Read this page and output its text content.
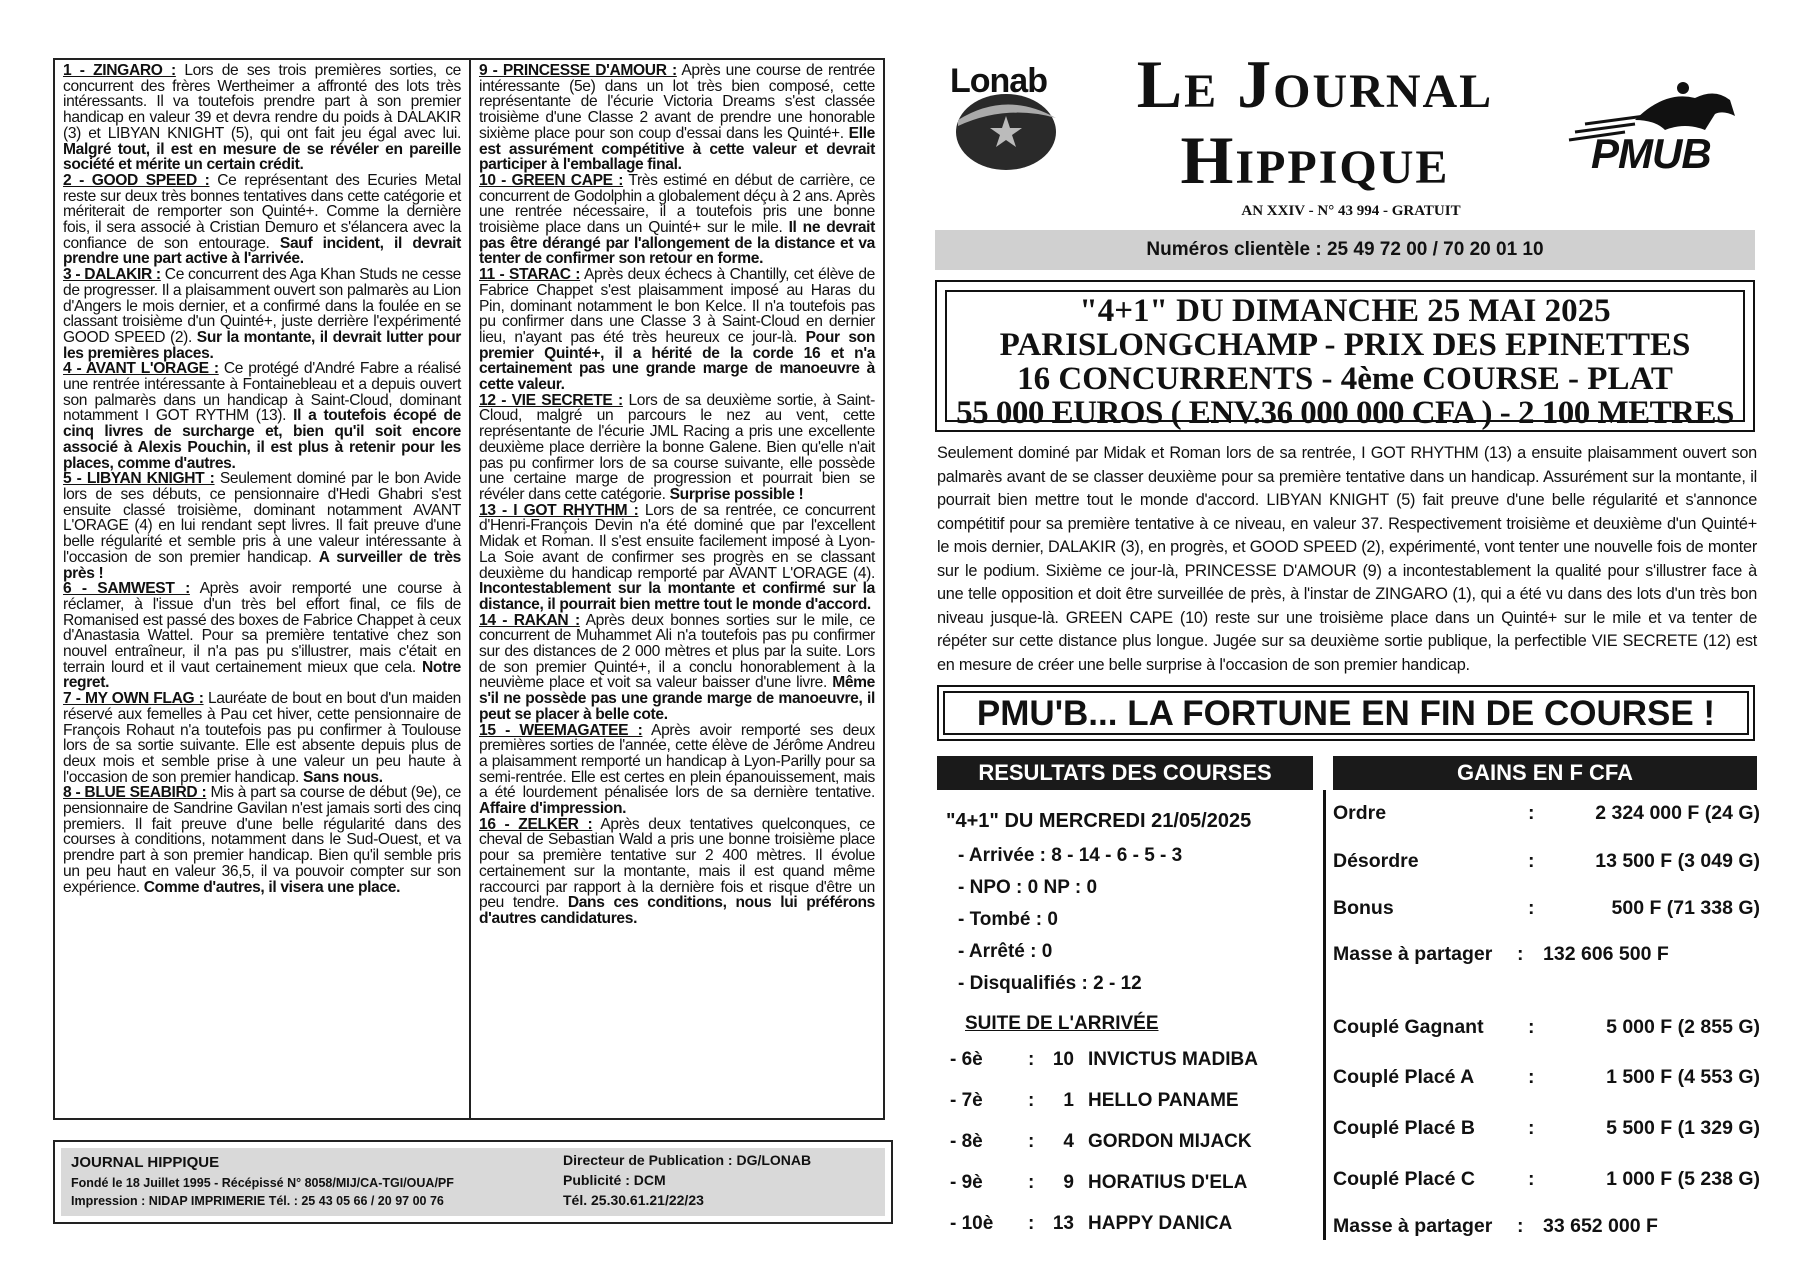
1 - ZINGARO : Lors de ses trois premières sorties, ce concurrent des frères Wertheimer a affronté des lots très intéressants. Il va toutefois prendre part à son premier handicap en valeur 39 et devra rendre du poids à DALAKIR (3) et LIBYAN KNIGHT (5), qui ont fait jeu égal avec lui. Malgré tout, il est en mesure de se révéler en pareille société et mérite un certain crédit.

2 - GOOD SPEED : Ce représentant des Ecuries Metal reste sur deux très bonnes tentatives dans cette catégorie et mériterait de remporter son Quinté+. Comme la dernière fois, il sera associé à Cristian Demuro et s'élancera avec la confiance de son entourage. Sauf incident, il devrait prendre une part active à l'arrivée.

3 - DALAKIR : Ce concurrent des Aga Khan Studs ne cesse de progresser. Il a plaisamment ouvert son palmarès au Lion d'Angers le mois dernier, et a confirmé dans la foulée en se classant troisième d'un Quinté+, juste derrière l'expérimenté GOOD SPEED (2). Sur la montante, il devrait lutter pour les premières places.

4 - AVANT L'ORAGE : Ce protégé d'André Fabre a réalisé une rentrée intéressante à Fontainebleau et a depuis ouvert son palmarès dans un handicap à Saint-Cloud, dominant notamment I GOT RYTHM (13). Il a toutefois écopé de cinq livres de surcharge et, bien qu'il soit encore associé à Alexis Pouchin, il est plus à retenir pour les places, comme d'autres.

5 - LIBYAN KNIGHT : Seulement dominé par le bon Avide lors de ses débuts, ce pensionnaire d'Hedi Ghabri s'est ensuite classé troisième, dominant notamment AVANT L'ORAGE (4) en lui rendant sept livres. Il fait preuve d'une belle régularité et semble pris à une valeur intéressante à l'occasion de son premier handicap. A surveiller de très près !

6 - SAMWEST : Après avoir remporté une course à réclamer, à l'issue d'un très bel effort final, ce fils de Romanised est passé des boxes de Fabrice Chappet à ceux d'Anastasia Wattel. Pour sa première tentative chez son nouvel entraîneur, il n'a pas pu s'illustrer, mais c'était en terrain lourd et il vaut certainement mieux que cela. Notre regret.

7 - MY OWN FLAG : Lauréate de bout en bout d'un maiden réservé aux femelles à Pau cet hiver, cette pensionnaire de François Rohaut n'a toutefois pas pu confirmer à Toulouse lors de sa sortie suivante. Elle est absente depuis plus de deux mois et semble prise à une valeur un peu haute à l'occasion de son premier handicap. Sans nous.

8 - BLUE SEABIRD : Mis à part sa course de début (9e), ce pensionnaire de Sandrine Gavilan n'est jamais sorti des cinq premiers. Il fait preuve d'une belle régularité dans des courses à conditions, notamment dans le Sud-Ouest, et va prendre part à son premier handicap. Bien qu'il semble pris un peu haut en valeur 36,5, il va pouvoir compter sur son expérience. Comme d'autres, il visera une place.

9 - PRINCESSE D'AMOUR : Après une course de rentrée intéressante (5e) dans un lot très bien composé, cette représentante de l'écurie Victoria Dreams s'est classée troisième d'une Classe 2 avant de prendre une honorable sixième place pour son coup d'essai dans les Quinté+. Elle est assurément compétitive à cette valeur et devrait participer à l'emballage final.

10 - GREEN CAPE : Très estimé en début de carrière, ce concurrent de Godolphin a globalement déçu à 2 ans. Après une rentrée nécessaire, il a toutefois pris une bonne troisième place dans un Quinté+ sur le mile. Il ne devrait pas être dérangé par l'allongement de la distance et va tenter de confirmer son retour en forme.

11 - STARAC : Après deux échecs à Chantilly, cet élève de Fabrice Chappet s'est plaisamment imposé au Haras du Pin, dominant notamment le bon Kelce. Il n'a toutefois pas pu confirmer dans une Classe 3 à Saint-Cloud en dernier lieu, n'ayant pas été très heureux ce jour-là. Pour son premier Quinté+, il a hérité de la corde 16 et n'a certainement pas une grande marge de manoeuvre à cette valeur.

12 - VIE SECRETE : Lors de sa deuxième sortie, à Saint-Cloud, malgré un parcours le nez au vent, cette représentante de l'écurie JML Racing a pris une excellente deuxième place derrière la bonne Galene. Bien qu'elle n'ait pas pu confirmer lors de sa course suivante, elle possède une certaine marge de progression et pourrait bien se révéler dans cette catégorie. Surprise possible !

13 - I GOT RHYTHM : Lors de sa rentrée, ce concurrent d'Henri-François Devin n'a été dominé que par l'excellent Midak et Roman. Il s'est ensuite facilement imposé à Lyon-La Soie avant de confirmer ses progrès en se classant deuxième du handicap remporté par AVANT L'ORAGE (4). Incontestablement sur la montante et confirmé sur la distance, il pourrait bien mettre tout le monde d'accord.

14 - RAKAN : Après deux bonnes sorties sur le mile, ce concurrent de Muhammet Ali n'a toutefois pas pu confirmer sur des distances de 2 000 mètres et plus par la suite. Lors de son premier Quinté+, il a conclu honorablement à la neuvième place et voit sa valeur baisser d'une livre. Même s'il ne possède pas une grande marge de manoeuvre, il peut se placer à belle cote.

15 - WEEMAGATEE : Après avoir remporté ses deux premières sorties de l'année, cette élève de Jérôme Andreu a plaisamment remporté un handicap à Lyon-Parilly pour sa semi-rentrée. Elle est certes en plein épanouissement, mais a été lourdement pénalisée lors de sa dernière tentative. Affaire d'impression.

16 - ZELKER : Après deux tentatives quelconques, ce cheval de Sebastian Wald a pris une bonne troisième place pour sa première tentative sur 2 400 mètres. Il évolue certainement sur la montante, mais il est quand même raccourci par rapport à la dernière fois et risque d'être un peu tendre. Dans ces conditions, nous lui préférons d'autres candidatures.

JOURNAL HIPPIQUE
Fondé le 18 Juillet 1995 - Récépissé N° 8058/MIJ/CA-TGI/OUA/PF
Impression : NIDAP IMPRIMERIE Tél. : 25 43 05 66 / 20 97 00 76
Directeur de Publication : DG/LONAB
Publicité : DCM
Tél. 25.30.61.21/22/23
Lonab	Le Journal
Hippique	PMUB
AN XXIV - N° 43 994 - GRATUIT
Numéros clientèle : 25 49 72 00 / 70 20 01 10
"4+1" DU DIMANCHE 25 MAI 2025
PARISLONGCHAMP - PRIX DES EPINETTES
16 CONCURRENTS - 4ème COURSE - PLAT
55 000 EUROS ( ENV.36 000 000 CFA ) - 2 100 METRES
Seulement dominé par Midak et Roman lors de sa rentrée, I GOT RHYTHM (13) a ensuite plaisamment ouvert son palmarès avant de se classer deuxième pour sa première tentative dans un handicap. Assurément sur la montante, il pourrait bien mettre tout le monde d'accord. LIBYAN KNIGHT (5) fait preuve d'une belle régularité et s'annonce compétitif pour sa première tentative à ce niveau, en valeur 37. Respectivement troisième et deuxième d'un Quinté+ le mois dernier, DALAKIR (3), en progrès, et GOOD SPEED (2), expérimenté, vont tenter une nouvelle fois de monter sur le podium. Sixième ce jour-là, PRINCESSE D'AMOUR (9) a incontestablement la qualité pour s'illustrer face à une telle opposition et doit être surveillée de près, à l'instar de ZINGARO (1), qui a été vu dans des lots d'un très bon niveau jusque-là. GREEN CAPE (10) reste sur une troisième place dans un Quinté+ sur le mile et va tenter de répéter sur cette distance plus longue. Jugée sur sa deuxième sortie publique, la perfectible VIE SECRETE (12) est en mesure de créer une belle surprise à l'occasion de son premier handicap.
PMU'B... LA FORTUNE EN FIN DE COURSE !
RESULTATS DES COURSES	GAINS EN F CFA
"4+1" DU MERCREDI 21/05/2025
- Arrivée : 8 - 14 - 6 - 5 - 3
- NPO : 0 NP : 0
- Tombé : 0
- Arrêté : 0
- Disqualifiés : 2 - 12
SUITE DE L'ARRIVÉE
- 6è : 10 INVICTUS MADIBA
- 7è :	1 HELLO PANAME
- 8è :	4 GORDON MIJACK
- 9è :	9 HORATIUS D'ELA
- 10è : 13 HAPPY DANICA
Ordre	:	2 324 000 F (24 G)
Désordre	:	13 500 F (3 049 G)
Bonus	:	500 F (71 338 G)
Masse à partager : 132 606 500 F
Couplé Gagnant :	5 000 F (2 855 G)
Couplé Placé A	:	1 500 F (4 553 G)
Couplé Placé B	:	5 500 F (1 329 G)
Couplé Placé C	:	1 000 F (5 238 G)
Masse à partager : 33 652 000 F
